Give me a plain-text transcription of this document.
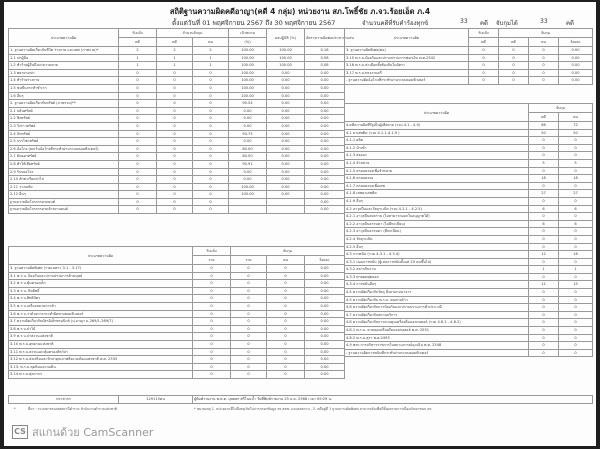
สถิติฐานความผิดคดีอาญา(คดี 4 กลุ่ม) หน่วยงาน สภ.โพธิ์ชัย ภ.จว.ร้อยเอ็ด ภ.4
ตั้งแต่วันที่ 01 พฤศจิกายน 2567 ถึง 30 พฤศจิกายน 2567	จำนวนคดีที่รับคำร้องทุกข์	33 คดี จับกุมได้	33	คดี
ประเภทความผิด	รับแจ้ง	จำนวนจับกุม		เป้าหมาย	ผลปฏิบัติ (%)	อัตราความผิดต่อประชากรแสน
	คดี	คดี	คน	(%)		
1. ฐานความผิดเกี่ยวกับชีวิต ร่างกาย และเพศ (ภาพรวม)*	2	2	2	100.00	100.00	0.16
1.1 ฆ่าผู้อื่น	1	1	1	100.00	100.00	0.08
1.2 ทำร้ายผู้อื่นถึงแก่ความตาย	1	1	1	100.00	100.00	0.08
1.3 พยายามฆ่า	0	0	0	100.00	0.00	0.00
1.4 ทำร้ายร่างกาย	0	0	0	100.00	0.00	0.00
1.5 ข่มขืนกระทำชำเรา	0	0	0	100.00	0.00	0.00
1.6 อื่นๆ	0	0	0	100.00	0.00	0.00
2. ฐานความผิดเกี่ยวกับทรัพย์ (ภาพรวม)**	0	0	0	90.54	0.00	0.00
2.1 ปล้นทรัพย์	0	0	0	0.00	0.00	0.00
2.2 ชิงทรัพย์	0	0	0	0.00	0.00	0.00
2.3 วิ่งราวทรัพย์	0	0	0	0.00	0.00	0.00
2.4 ลักทรัพย์	0	0	0	93.75	0.00	0.00
2.5 กรรโชกทรัพย์	0	0	0	0.00	0.00	0.00
2.6 ฉ้อโกง (ยกเว้นฉ้อโกงที่กระทำผ่านระบบคอมพิวเตอร์)	0	0	0	80.00	0.00	0.00
2.7 ยักยอกทรัพย์	0	0	0	80.00	0.00	0.00
2.8 ทำให้เสียทรัพย์	0	0	0	90.91	0.00	0.00
2.9 รับของโจร	0	0	0	0.00	0.00	0.00
2.10 ลักพาเรียกค่าไถ่	0	0	0	0.00	0.00	0.00
2.11 วางเพลิง	0	0	0	100.00	0.00	0.00
2.12 อื่นๆ	0	0	0	100.00	0.00	0.00
ฐานความผิดโจรกรรมรถยนต์	0	0	0			0.00
ฐานความผิดโจรกรรมรถจักรยานยนต์	0	0	0			0.00
ประเภทความผิด	รับแจ้ง	จับกุม		
	ราย	ราย	คน	ร้อยละ
3. ฐานความผิดพิเศษ (รวมเฉพาะ 3.1 - 3.17)	0	0	0	0.00
3.1 พ.ร.บ. ป้องกันและปราบปรามการค้ามนุษย์	0	0	0	0.00
3.2 พ.ร.บ.คุ้มครองเด็ก	0	0	0	0.00
3.3 พ.ร.บ. ลิขสิทธิ์	0	0	0	0.00
3.4 พ.ร.บ.สิทธิบัตร	0	0	0	0.00
3.5 พ.ร.บ.เครื่องหมายการค้า	0	0	0	0.00
3.6 พ.ร.บ.ว่าด้วยการกระทำผิดทางคอมพิวเตอร์	0	0	0	0.00
3.7 ความผิดเกี่ยวกับบัตรอิเล็กทรอนิกส์ (ป.อาญา ม.269/1-269/7)	0	0	0	0.00
3.8 พ.ร.บ.ป่าไม้	0	0	0	0.00
3.9 พ.ร.บ.ป่าสงวนแห่งชาติ	0	0	0	0.00
3.10 พ.ร.บ.อุทยานแห่งชาติ	0	0	0	0.00
3.11 พ.ร.บ.สงวนและคุ้มครองสัตว์ป่า	0	0	0	0.00
3.12 พ.ร.บ.ส่งเสริมและรักษาคุณภาพสิ่งแวดล้อมแห่งชาติ พ.ศ. 2535	0	0	0	0.00
3.13. พ.ร.บ.ขุดดินและถมดิน	0	0	0	0.00
3.14 พ.ร.บ.ศุลกากร	0	0	0	0.00
ประเภทความผิด	รับแจ้ง	จับกุม		
	คดี	คดี	คน	ร้อยละ
3. ฐานความผิดพิเศษ(ต่อ)	0	0	0	0.00
3.15 พ.ร.บ.ป้องกันและปราบปรามการฟอกเงิน พ.ศ.2542	0	0	0	0.00
3.16 พ.ร.บ.ค่าเลือกตั้งท้องถิ่นในอัตรา	0	0	0	0.00
3.17 พ.ร.บ.ทรงงานครี	0	0	0	0.00
- ฐานความผิดฉ้อโกงที่กระทำผ่านระบบคอมพิวเตอร์	0	0	0	0.00
ประเภทความผิด	จับกุม	
	คดี	คน
4.คดีความผิดที่รัฐเป็นผู้เสียหาย (รวม 4.1 - 4.9)	68	72
4.1 ยาเสพติด (รวม 4.1.1-4.1.9 )	50	50
4.1.1 ผลิต	0	0
4.1.2 นำเข้า	0	0
4.1.3 ส่งออก	0	0
4.1.4 จำหน่าย	5	5
4.1.5 ครอบครองเพื่อจำหน่าย	0	0
4.1.6 ครอบครอง	18	18
4.1.7 ครอบครองเพื่อเสพ	0	0
4.1.8 เสพยาเสพติด	27	27
4.1.9 อื่นๆ	0	0
4.2 อาวุธปืนและวัตถุระเบิด (รวม 4.2.1 - 4.2.5)	6	6
4.2.1 อาวุธปืนสงคราม (ไม่สามารถออกใบอนุญาตได้)	0	0
4.2.2 อาวุธปืนธรรมดา (ไม่มีทะเบียน)	6	6
4.2.3 อาวุธปืนธรรมดา (มีทะเบียน)	0	0
4.2.4 วัตถุระเบิด	0	0
4.2.5 อื่นๆ	0	0
4.3 การพนัน (รวม 4.3.1 - 4.3.4)	12	16
4.3.1 บ่อนการพนัน (ผู้เล่นการพนันตั้งแต่ 20 คนขึ้นไป)	0	0
4.3.2 สลากกินรวบ	1	1
4.3.3 ทายผลฟุตบอล	0	0
4.3.4 การพนันอื่นๆ	11	15
4.4 ความผิดเกี่ยวกับวัตถุ สิ่งลามกอนาจาร	0	0
4.5 ความผิดเกี่ยวกับ พ.ร.บ. คนต่างด้าว	0	0
4.6 ความผิดเกี่ยวกับการป้องกันและปราบปรามการค้าประเวณี	0	0
4.7 ความผิดเกี่ยวกับสถานบริการ	0	0
4.8 ความผิดเกี่ยวกับการควบคุมเครื่องดื่มแอลกอฮอล์ (รวม 4.8.1 - 4.8.2)	0	0
4.8.1 พ.ร.บ. ควบคุมเครื่องดื่มแอลกอฮอล์ พ.ศ. 2551	0	0
4.8.2 พ.ร.บ.สุรา พ.ศ.2493	0	0
4.9 พรก.การบริหารราชการในสถานการณ์ฉุกเฉิน พ.ศ. 2548	0	0
- ฐานความผิดการพนันที่กระทำผ่านระบบคอมพิวเตอร์	0	0
ประชากร	129115คน	ผู้พิมพ์รายงาน พ.ต.ต. บุษยพร ศรีโนนบ้ำ วันที่พิมพ์รายงาน 25 ธ.ค. 2568 เวลา 09:29 น.
*	ที่มา : ระบบสารสนเทศสถานีตำรวจ สำนักงานตำรวจแห่งชาติ	* หมายเหตุ 1. หน่วยงานที่ไม่มีเหตุเกิดในการกรอกข้อมูล ตร.สตช. และผลสถาน , 2. คดีอยู่ที่ 1 ฐานความผิดพิเศษ สามารถจับเพื่อมีทั้งผลรายการเนื่องเกิดยาชนบ ตร.
CS สแกนด้วย CamScanner
